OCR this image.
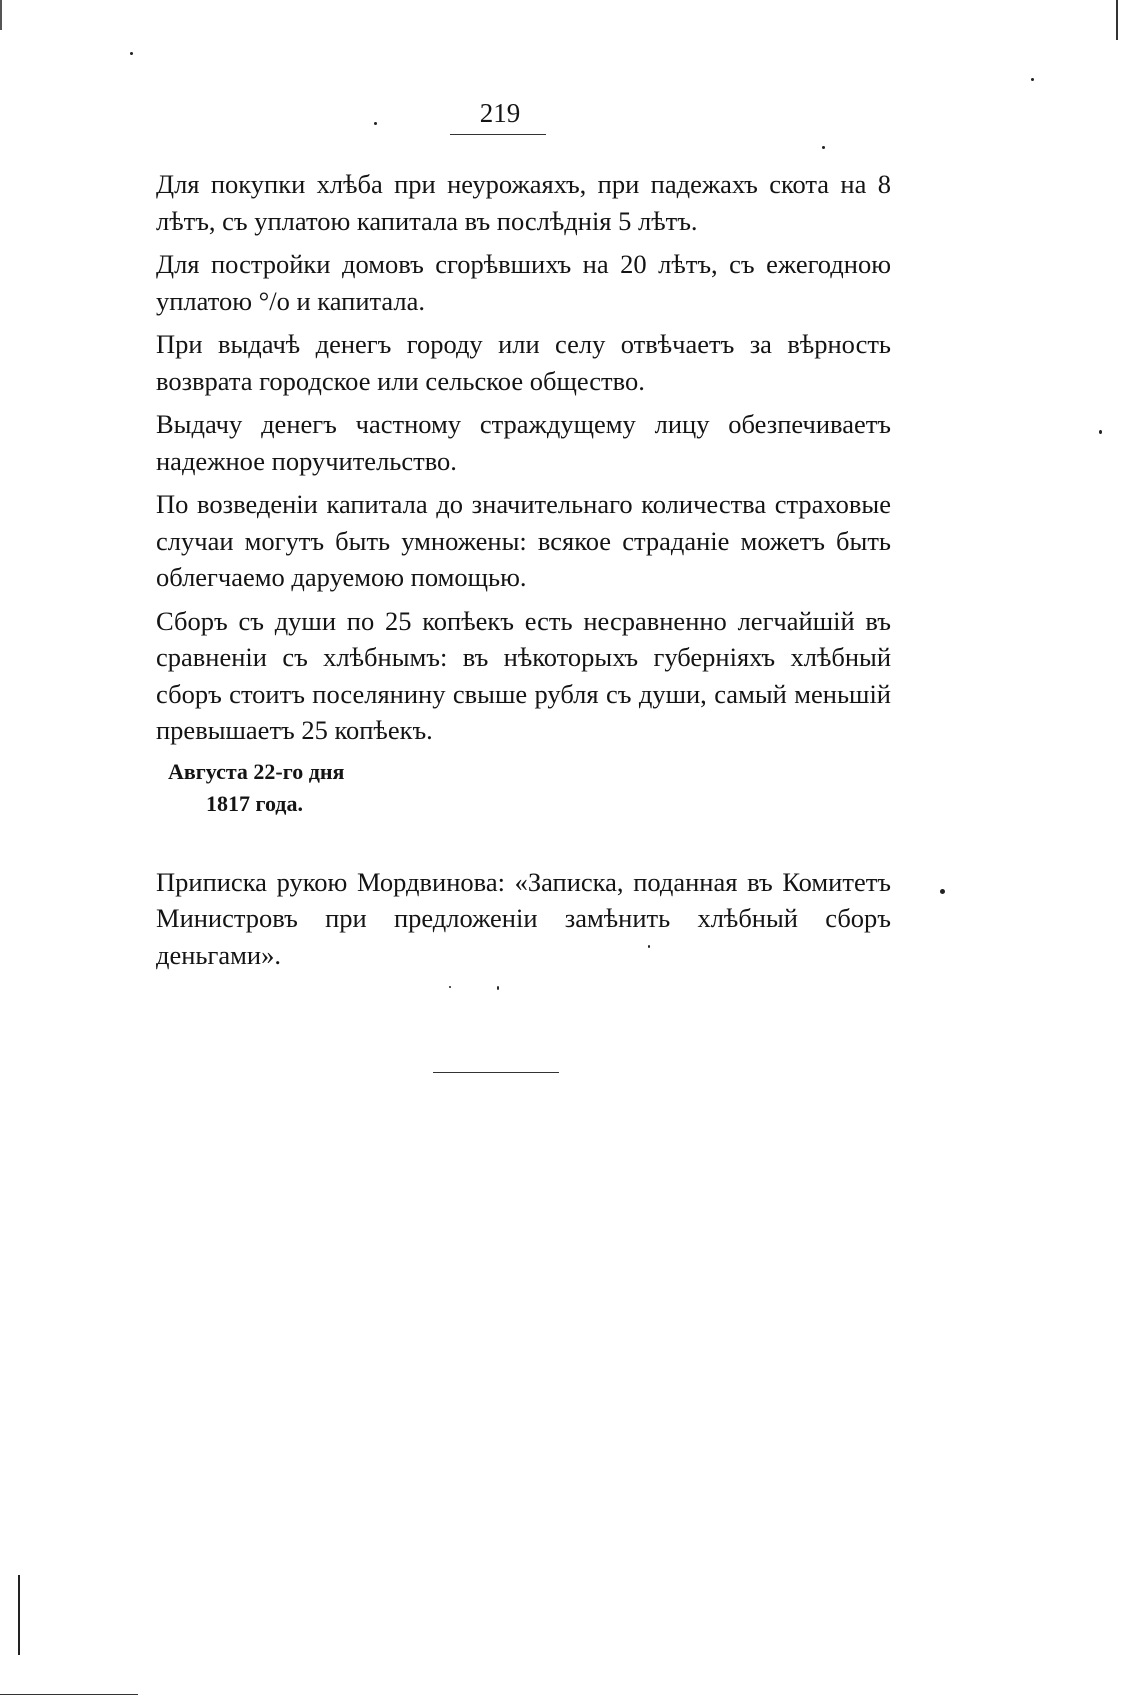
219

Для покупки хлѣба при неурожаяхъ, при падежахъ скота на 8 лѣтъ, съ уплатою капитала въ послѣднія 5 лѣтъ.

Для постройки домовъ сгорѣвшихъ на 20 лѣтъ, съ ежегодною уплатою °/о и капитала.

При выдачѣ денегъ городу или селу отвѣчаетъ за вѣрность возврата городское или сельское общество.

Выдачу денегъ частному страждущему лицу обезпечиваетъ надежное поручительство.

По возведеніи капитала до значительнаго количества страховые случаи могутъ быть умножены: всякое страданіе можетъ быть облегчаемо даруемою помощью.

Сборъ съ души по 25 копѣекъ есть несравненно легчайшій въ сравненіи съ хлѣбнымъ: въ нѣкоторыхъ губерніяхъ хлѣбный сборъ стоитъ поселянину свыше рубля съ души, самый меньшій превышаетъ 25 копѣекъ.

Августа 22-го дня
1817 года.

Приписка рукою Мордвинова: «Записка, поданная въ Комитетъ Министровъ при предложеніи замѣнить хлѣбный сборъ деньгами».
